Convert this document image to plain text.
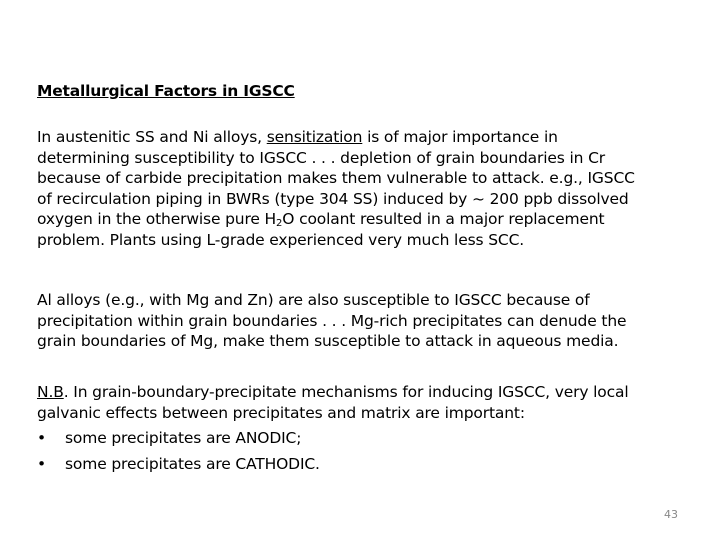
Metallurgical Factors in IGSCC

In austenitic SS and Ni alloys, sensitization is of major importance in
determining susceptibility to IGSCC . . . depletion of grain boundaries in Cr
because of carbide precipitation makes them vulnerable to attack. e.g., IGSCC
of recirculation piping in BWRs (type 304 SS) induced by ~ 200 ppb dissolved
oxygen in the otherwise pure $H_2O$ coolant resulted in a major replacement
problem. Plants using L-grade experienced very much less SCC.

Al alloys (e.g., with Mg and Zn) are also susceptible to IGSCC because of
precipitation within grain boundaries . . . Mg-rich precipitates can denude the
grain boundaries of Mg, make them susceptible to attack in aqueous media.

N.B. In grain-boundary-precipitate mechanisms for inducing IGSCC, very local
galvanic effects between precipitates and matrix are important:
• some precipitates are ANODIC;
• some precipitates are CATHODIC.

43
